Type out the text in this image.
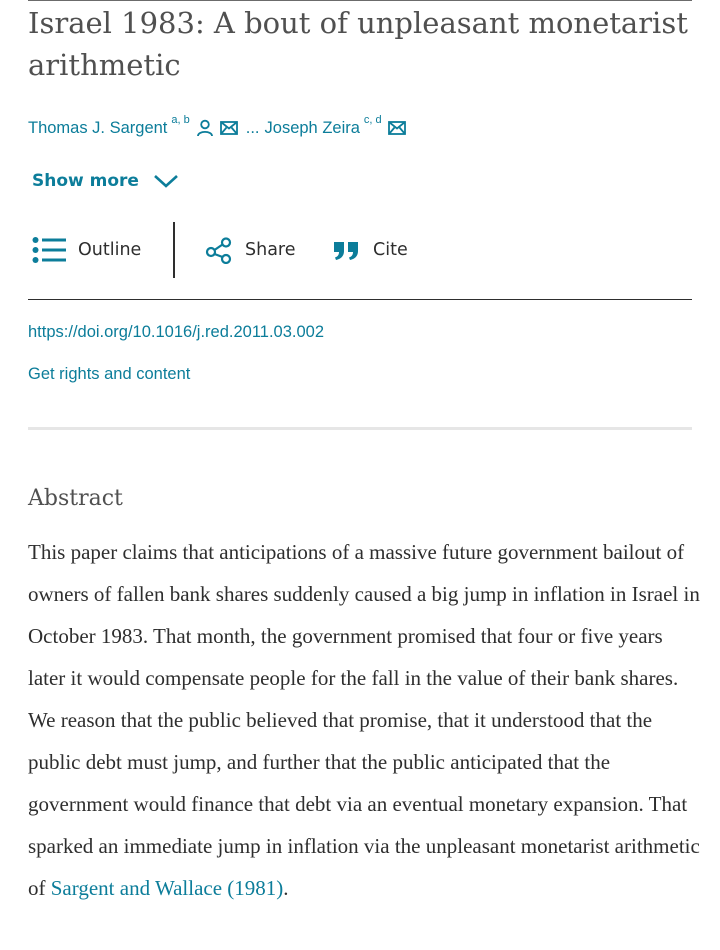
Israel 1983: A bout of unpleasant monetarist arithmetic
Thomas J. Sargent a, b	... Joseph Zeira c, d
Show more
Outline	Share	Cite
https://doi.org/10.1016/j.red.2011.03.002
Get rights and content
Abstract

This paper claims that anticipations of a massive future government bailout of owners of fallen bank shares suddenly caused a big jump in inflation in Israel in October 1983. That month, the government promised that four or five years later it would compensate people for the fall in the value of their bank shares. We reason that the public believed that promise, that it understood that the public debt must jump, and further that the public anticipated that the government would finance that debt via an eventual monetary expansion. That sparked an immediate jump in inflation via the unpleasant monetarist arithmetic of Sargent and Wallace (1981).
